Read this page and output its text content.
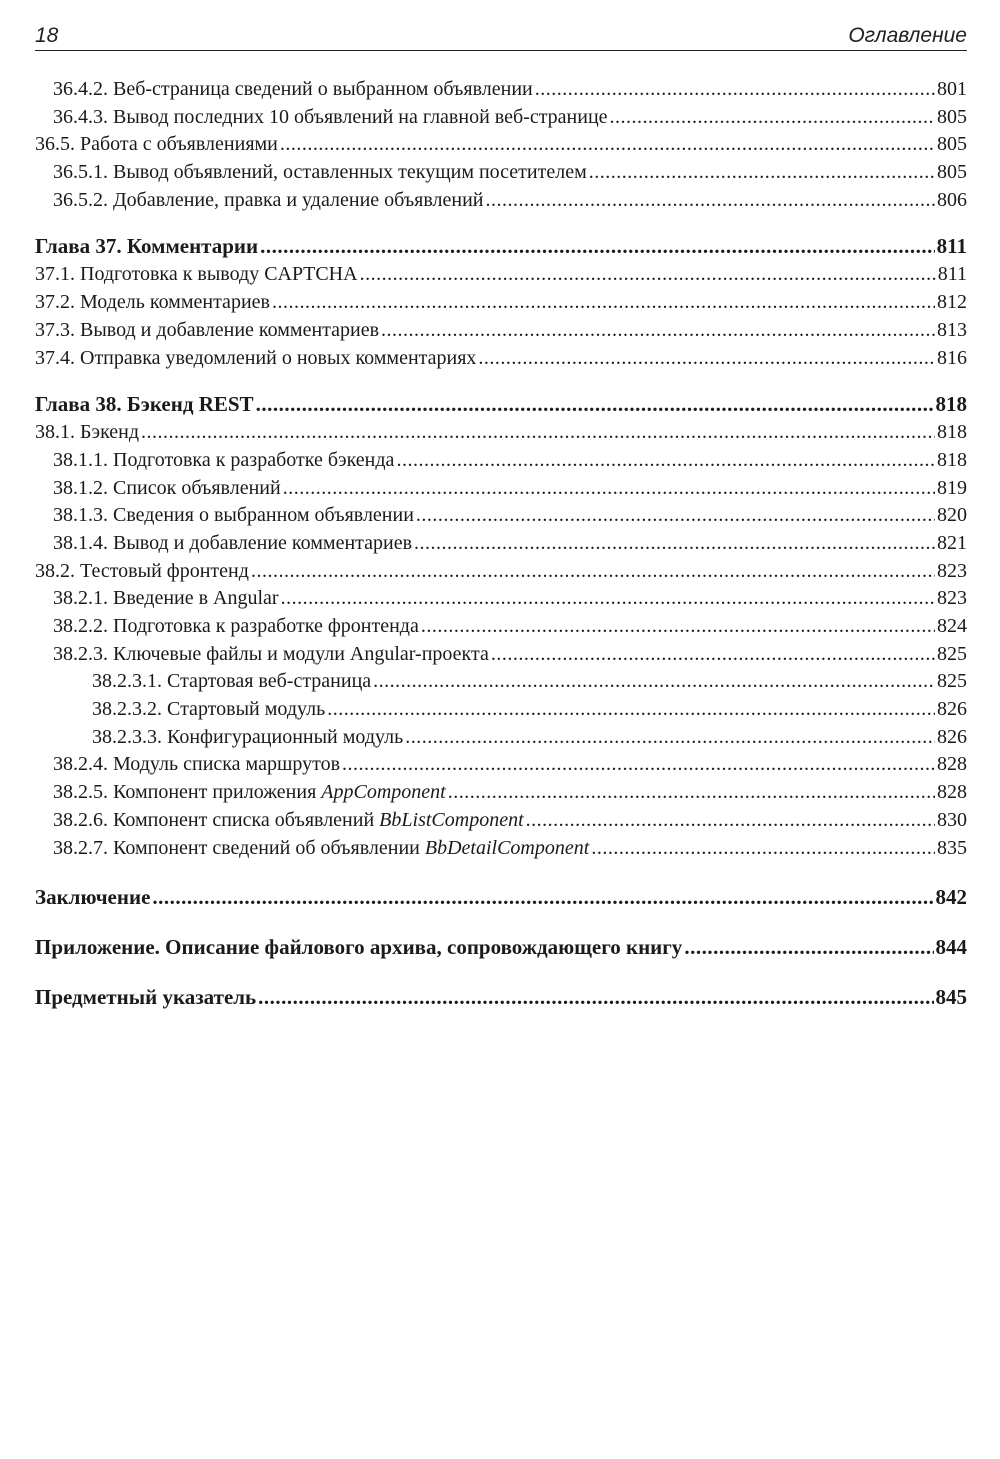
18	Оглавление
36.4.2. Веб-страница сведений о выбранном объявлении .....	801
36.4.3. Вывод последних 10 объявлений на главной веб-странице .....	805
36.5. Работа с объявлениями .....	805
36.5.1. Вывод объявлений, оставленных текущим посетителем .....	805
36.5.2. Добавление, правка и удаление объявлений .....	806
Глава 37. Комментарии .....	811
37.1. Подготовка к выводу CAPTCHA .....	811
37.2. Модель комментариев .....	812
37.3. Вывод и добавление комментариев .....	813
37.4. Отправка уведомлений о новых комментариях .....	816
Глава 38. Бэкенд REST .....	818
38.1. Бэкенд .....	818
38.1.1. Подготовка к разработке бэкенда .....	818
38.1.2. Список объявлений .....	819
38.1.3. Сведения о выбранном объявлении .....	820
38.1.4. Вывод и добавление комментариев .....	821
38.2. Тестовый фронтенд .....	823
38.2.1. Введение в Angular .....	823
38.2.2. Подготовка к разработке фронтенда .....	824
38.2.3. Ключевые файлы и модули Angular-проекта .....	825
38.2.3.1. Стартовая веб-страница .....	825
38.2.3.2. Стартовый модуль .....	826
38.2.3.3. Конфигурационный модуль .....	826
38.2.4. Модуль списка маршрутов .....	828
38.2.5. Компонент приложения AppComponent .....	828
38.2.6. Компонент списка объявлений BbListComponent .....	830
38.2.7. Компонент сведений об объявлении BbDetailComponent .....	835
Заключение .....	842
Приложение. Описание файлового архива, сопровождающего книгу .....	844
Предметный указатель .....	845
